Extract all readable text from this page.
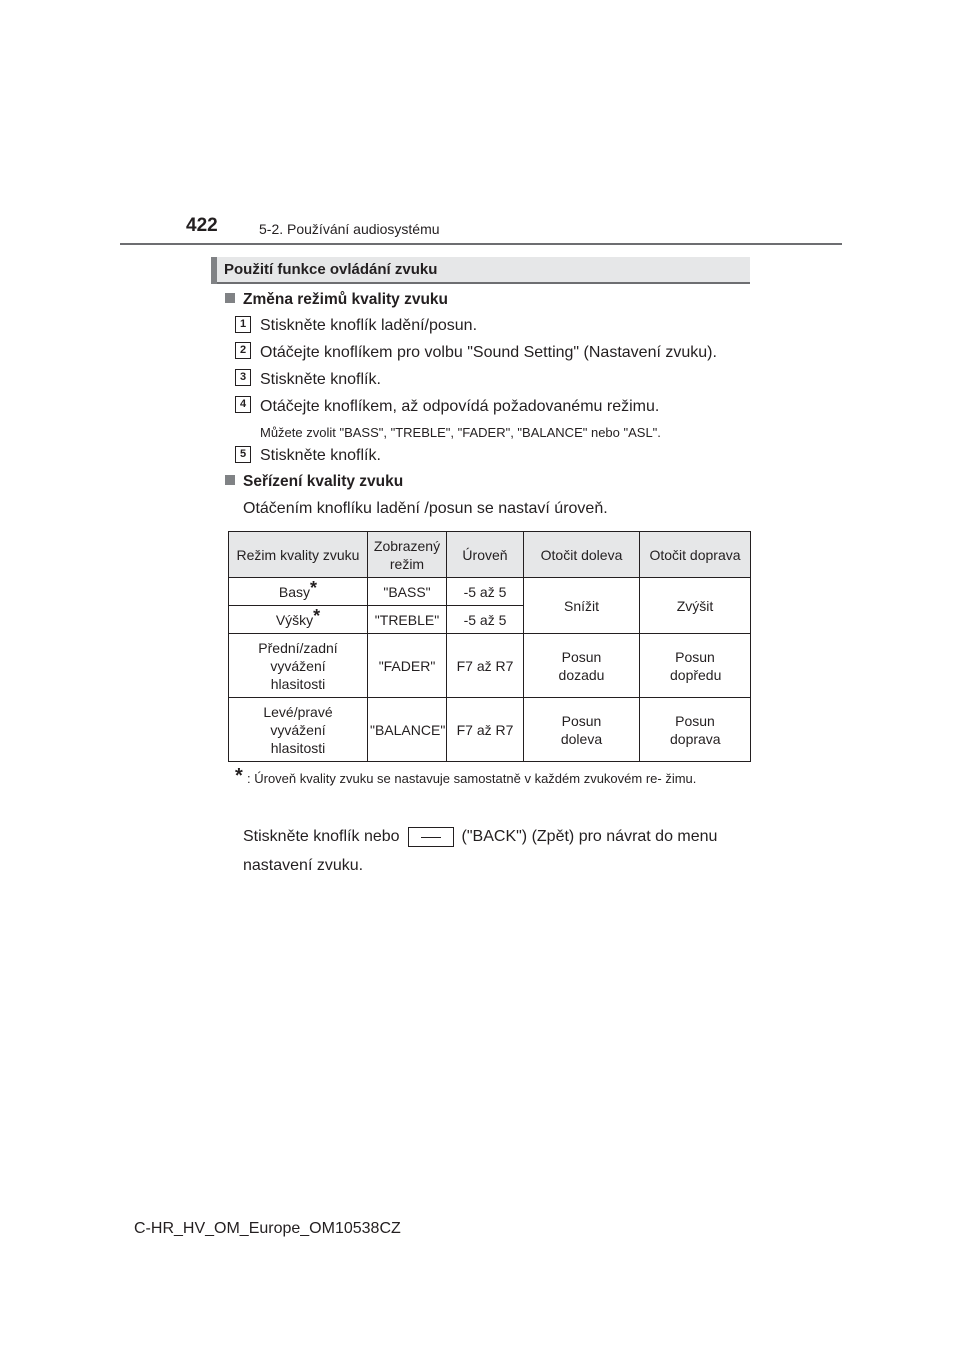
422	5-2. Používání audiosystému
Použití funkce ovládání zvuku
Změna režimů kvality zvuku
1 Stiskněte knoflík ladění/posun.
2 Otáčejte knoflíkem pro volbu "Sound Setting" (Nastavení zvuku).
3 Stiskněte knoflík.
4 Otáčejte knoflíkem, až odpovídá požadovanému režimu.
Můžete zvolit "BASS", "TREBLE", "FADER", "BALANCE" nebo "ASL".
5 Stiskněte knoflík.
Seřízení kvality zvuku
Otáčením knoflíku ladění /posun se nastaví úroveň.
Režim kvality zvuku	Zobrazený režim	Úroveň	Otočit doleva	Otočit doprava
Basy*	"BASS"	-5 až 5	Snížit	Zvýšit
Výšky*	"TREBLE"	-5 až 5		
Přední/zadní vyvážení hlasitosti	"FADER"	F7 až R7	Posun dozadu	Posun dopředu
Levé/pravé vyvážení hlasitosti	"BALANCE"	F7 až R7	Posun doleva	Posun doprava
* : Úroveň kvality zvuku se nastavuje samostatně v každém zvukovém re- žimu.
Stiskněte knoflík nebo	("BACK") (Zpět) pro návrat do menu nastavení zvuku.
C-HR_HV_OM_Europe_OM10538CZ
